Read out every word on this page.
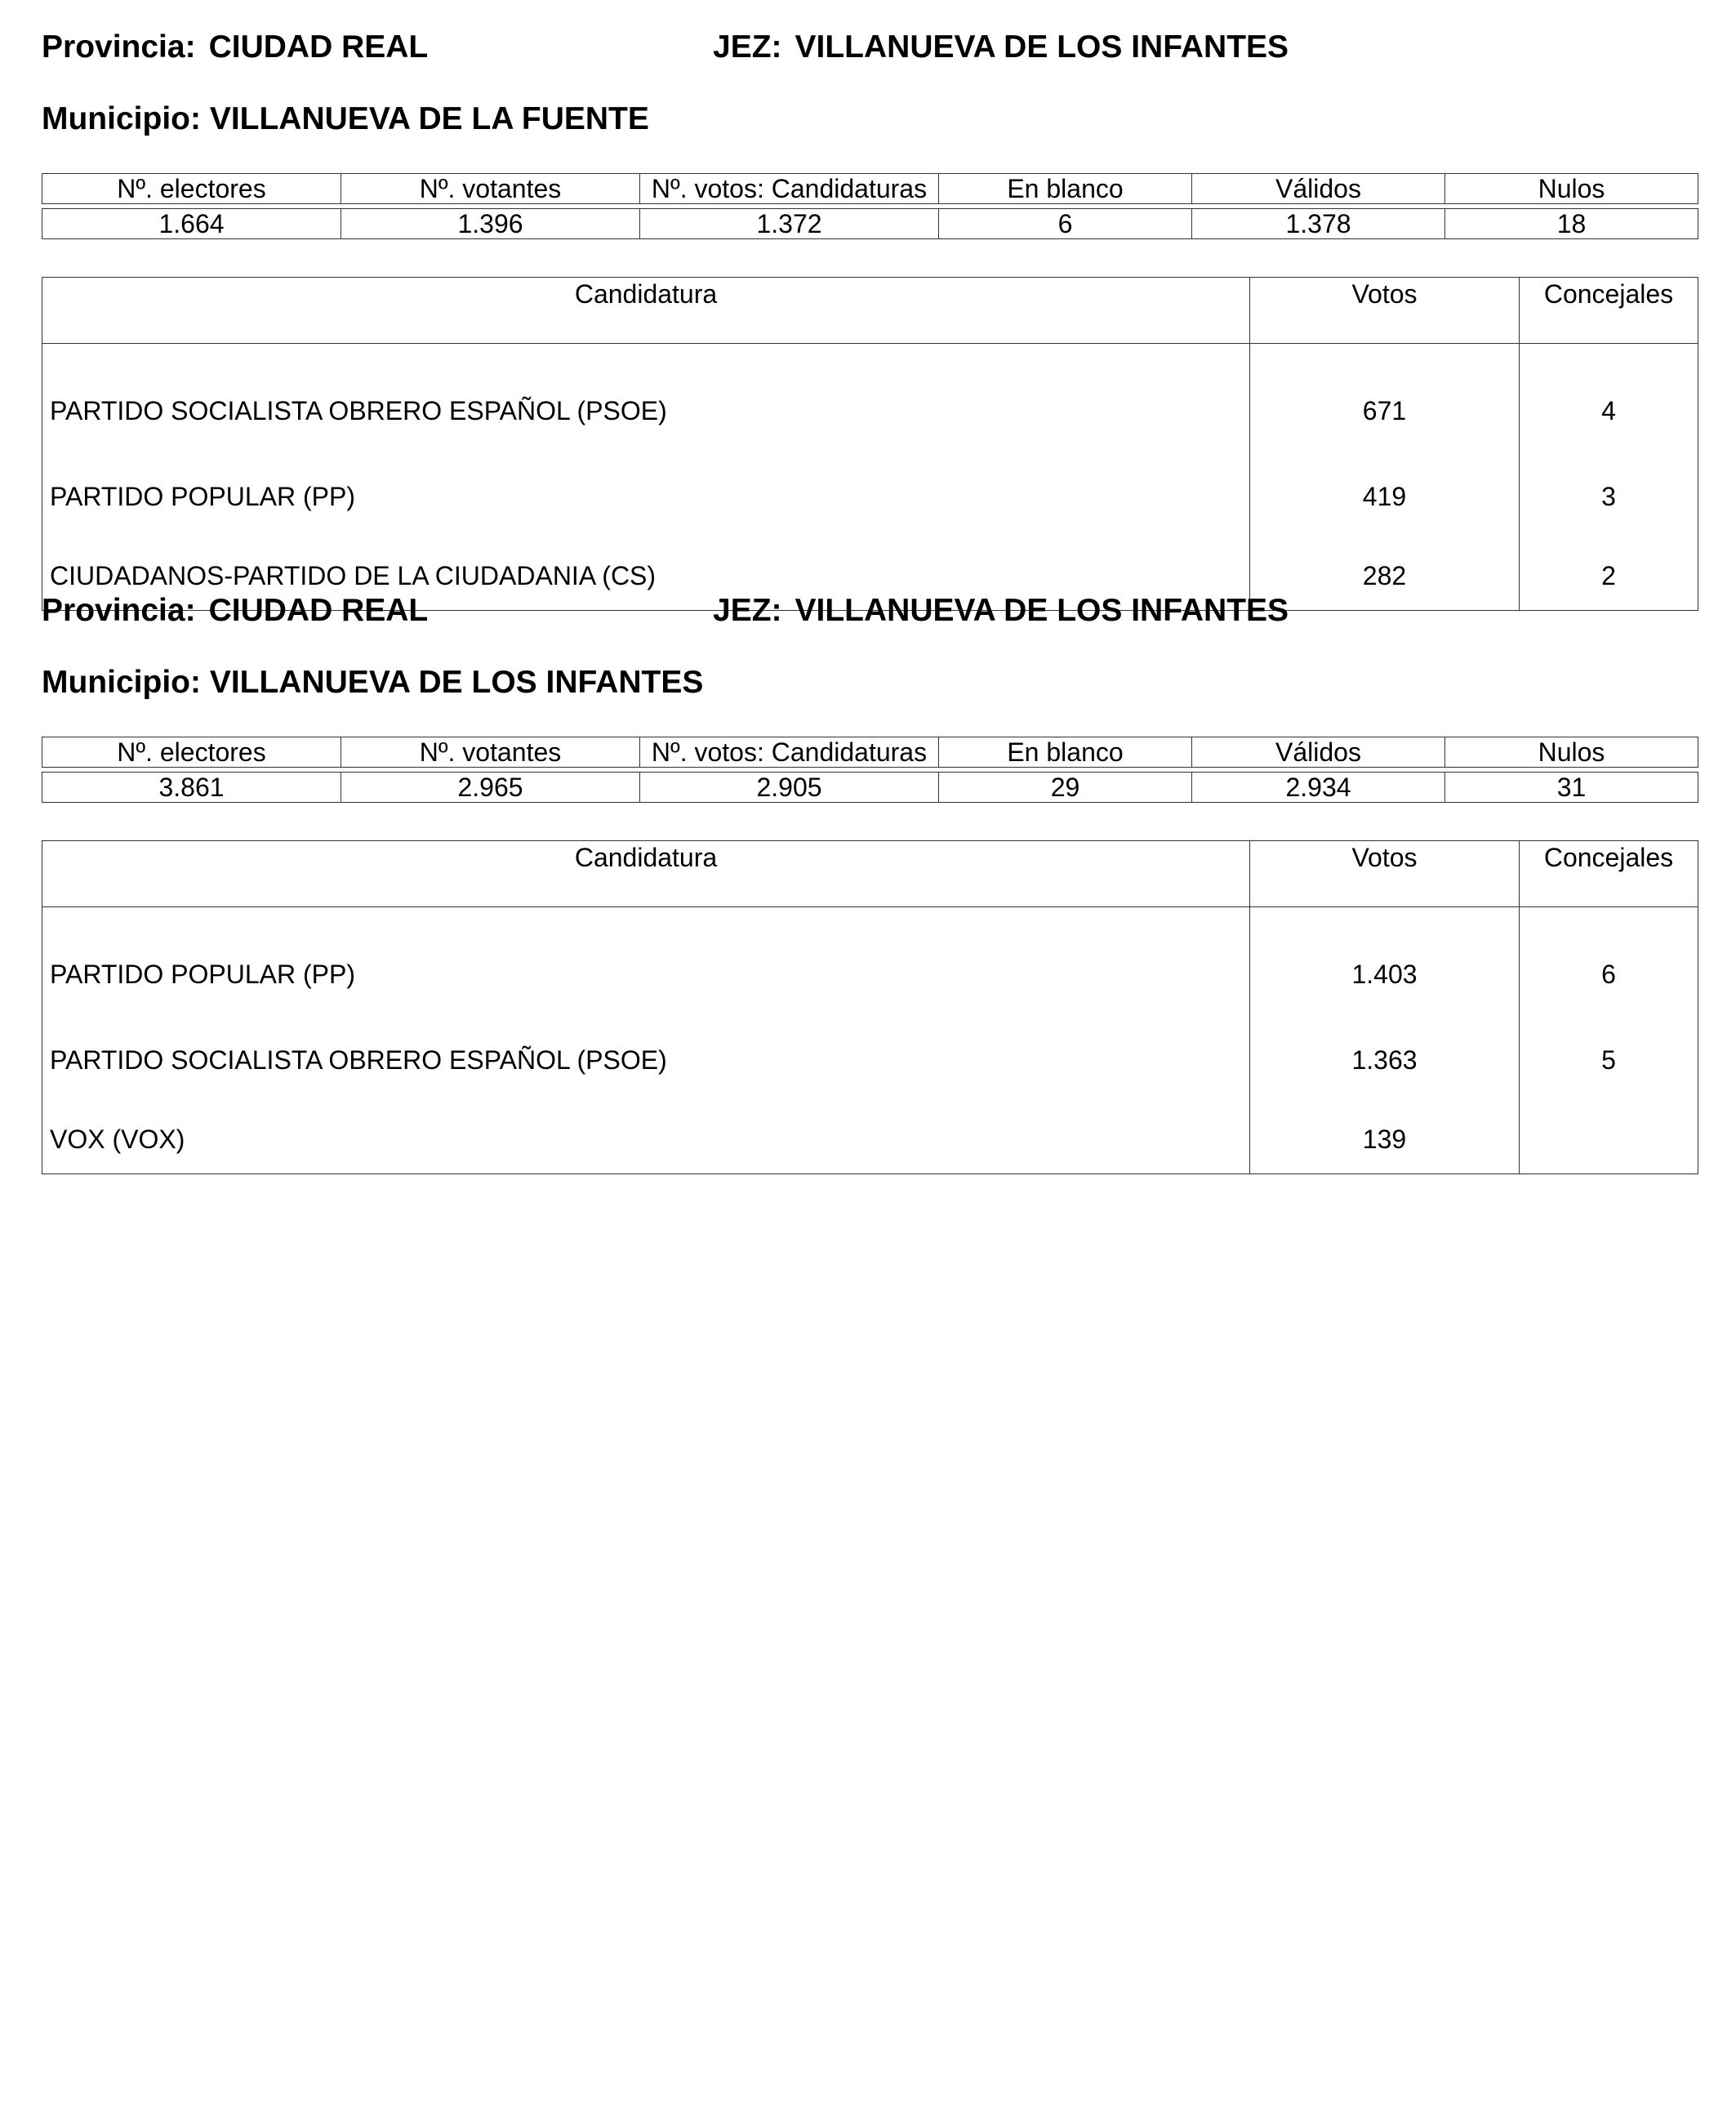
Provincia: CIUDAD REAL	JEZ: VILLANUEVA DE LOS INFANTES
Municipio: VILLANUEVA DE LA FUENTE
Nº. electores	Nº. votantes	Nº. votos: Candidaturas	En blanco	Válidos	Nulos

1.664	1.396	1.372	6	1.378	18
Candidatura	Votos	Concejales
PARTIDO SOCIALISTA OBRERO ESPAÑOL (PSOE)	671	4
PARTIDO POPULAR (PP)	419	3
CIUDADANOS-PARTIDO DE LA CIUDADANIA (CS)	282	2
Provincia: CIUDAD REAL	JEZ: VILLANUEVA DE LOS INFANTES
Municipio: VILLANUEVA DE LOS INFANTES
Nº. electores	Nº. votantes	Nº. votos: Candidaturas	En blanco	Válidos	Nulos

3.861	2.965	2.905	29	2.934	31
Candidatura	Votos	Concejales
PARTIDO POPULAR (PP)	1.403	6
PARTIDO SOCIALISTA OBRERO ESPAÑOL (PSOE)	1.363	5
VOX (VOX)	139	
